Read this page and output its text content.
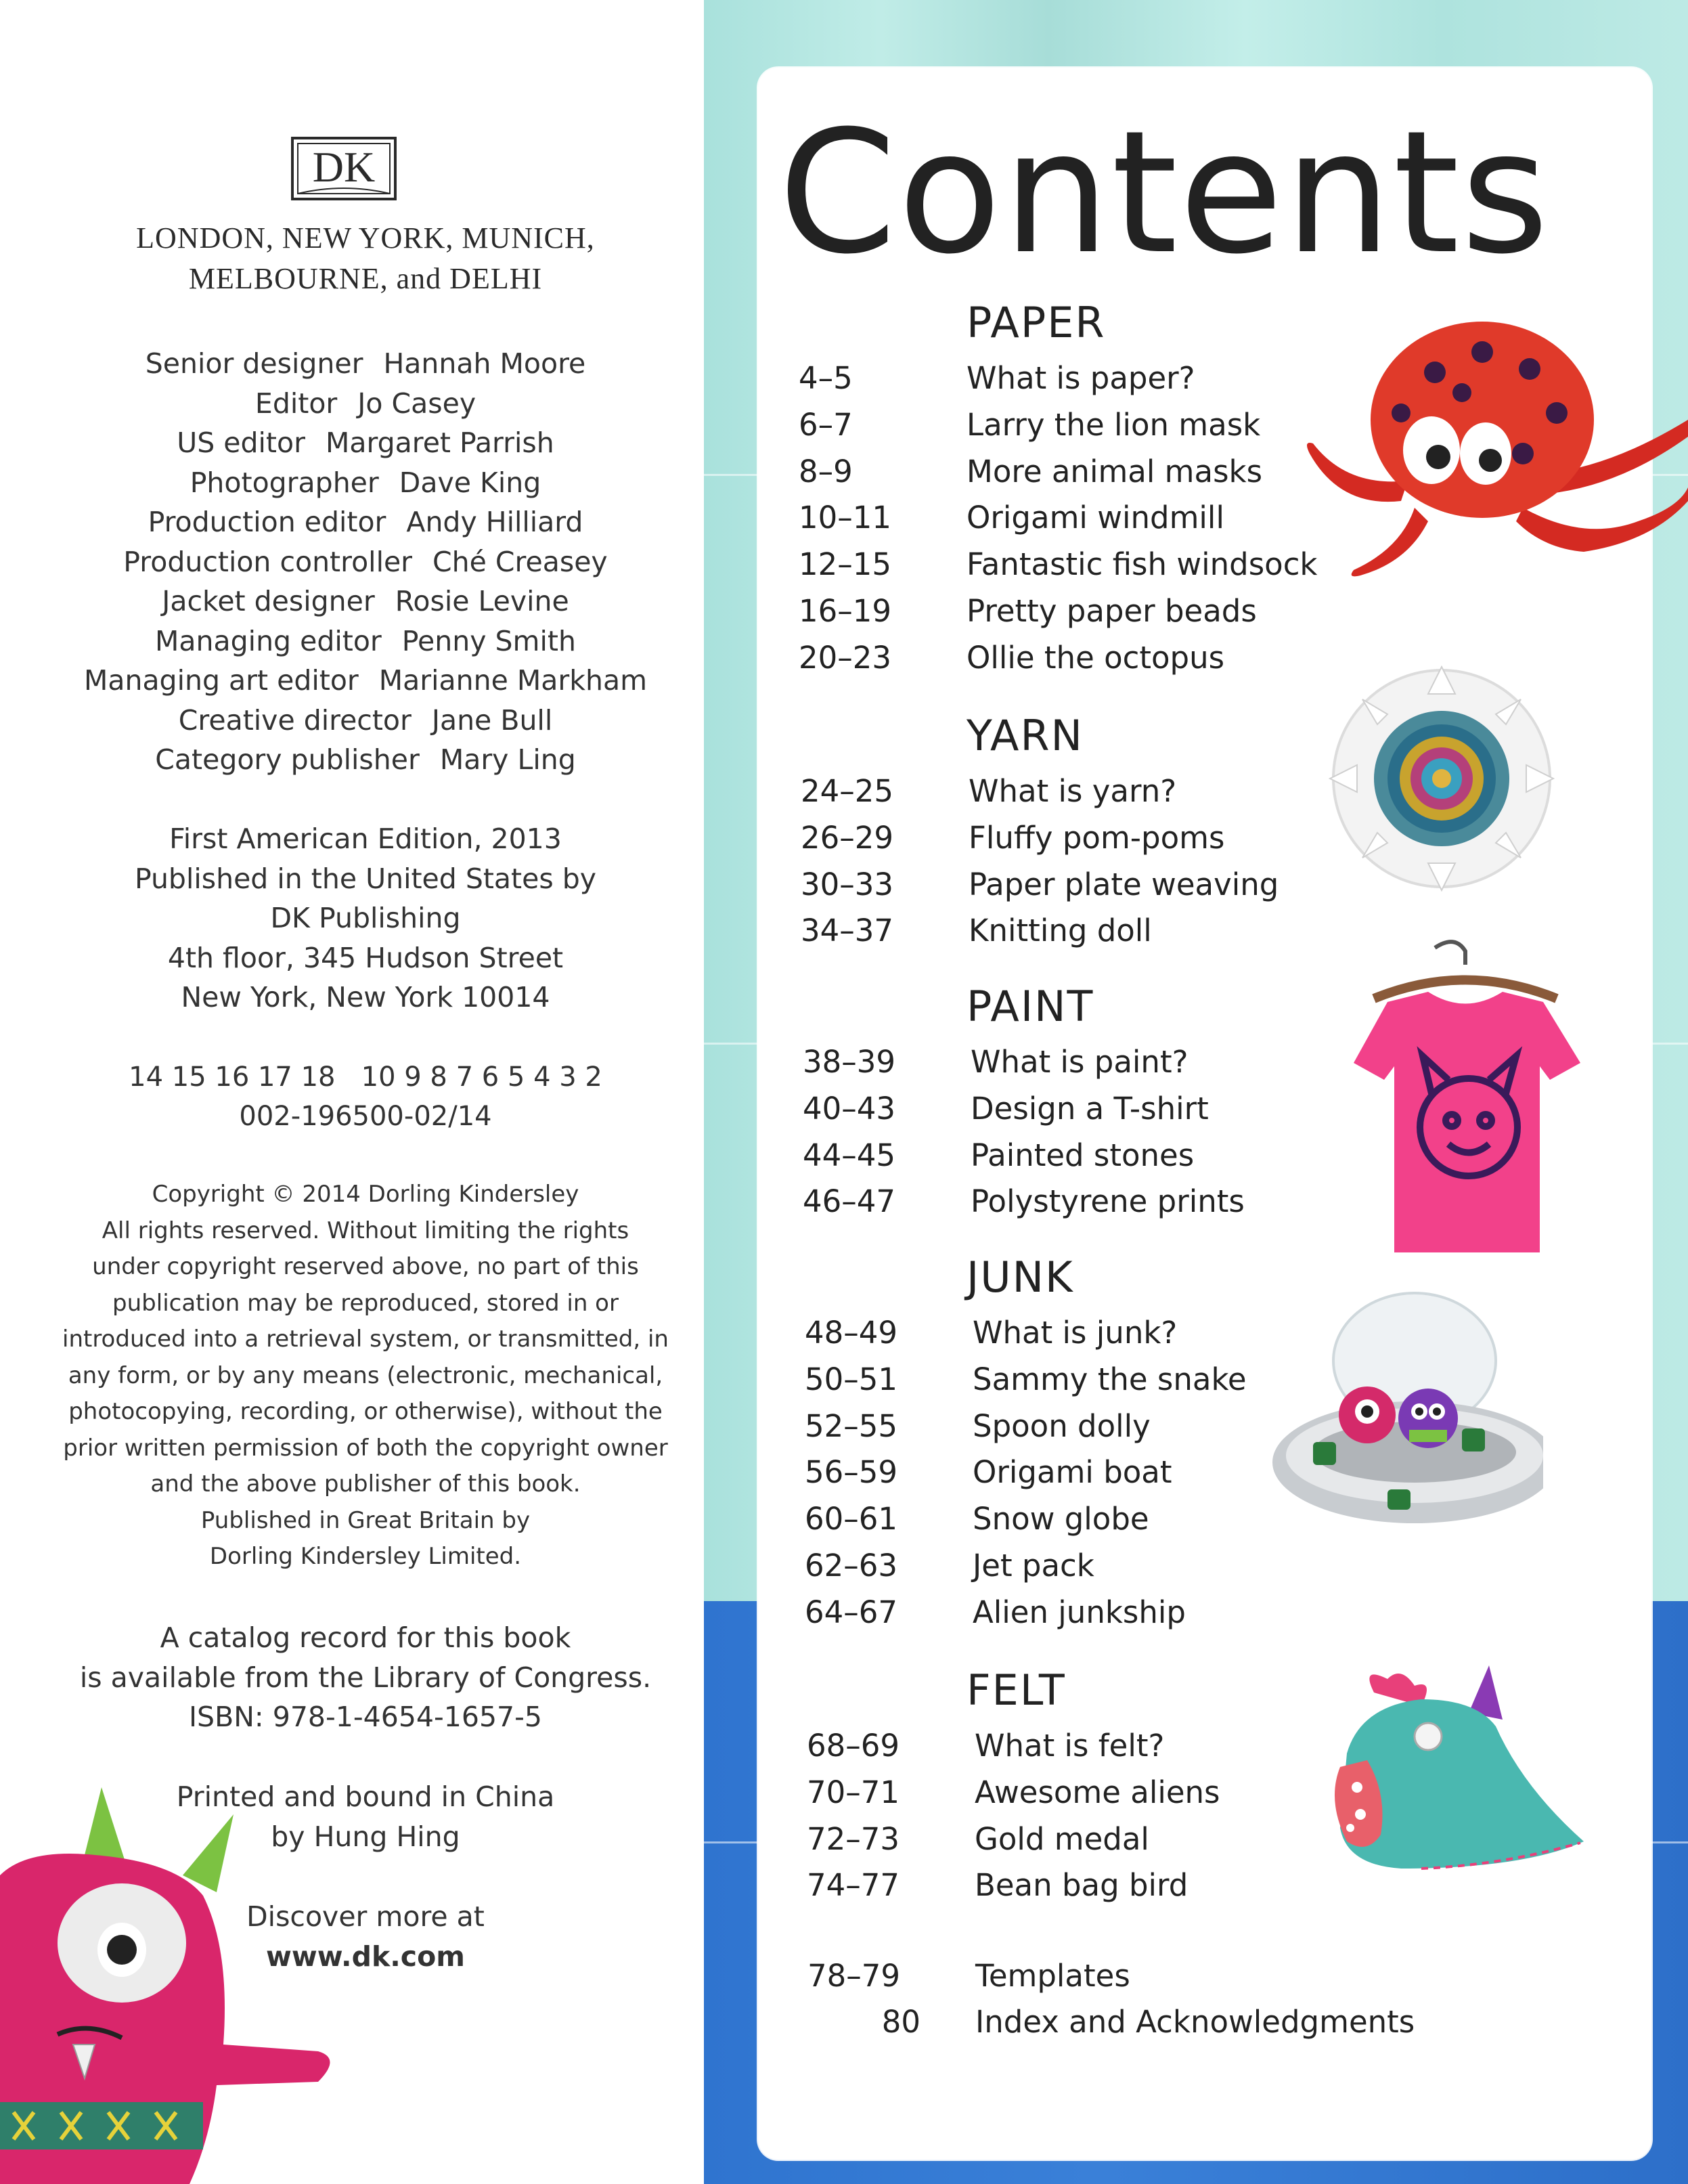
DK
LONDON, NEW YORK, MUNICH,
MELBOURNE, and DELHI
Senior designer Hannah Moore
Editor Jo Casey
US editor Margaret Parrish
Photographer Dave King
Production editor Andy Hilliard
Production controller Ché Creasey
Jacket designer Rosie Levine
Managing editor Penny Smith
Managing art editor Marianne Markham
Creative director Jane Bull
Category publisher Mary Ling
First American Edition, 2013
Published in the United States by
DK Publishing
4th floor, 345 Hudson Street
New York, New York 10014
14 15 16 17 18   10 9 8 7 6 5 4 3 2
002-196500-02/14
Copyright © 2014 Dorling Kindersley
All rights reserved. Without limiting the rights
under copyright reserved above, no part of this
publication may be reproduced, stored in or
introduced into a retrieval system, or transmitted, in
any form, or by any means (electronic, mechanical,
photocopying, recording, or otherwise), without the
prior written permission of both the copyright owner
and the above publisher of this book.
Published in Great Britain by
Dorling Kindersley Limited.
A catalog record for this book
is available from the Library of Congress.
ISBN: 978-1-4654-1657-5
Printed and bound in China
by Hung Hing
Discover more at
www.dk.com
Contents
PAPER
4–5	What is paper?
6–7	Larry the lion mask
8–9	More animal masks
10–11	Origami windmill
12–15	Fantastic fish windsock
16–19	Pretty paper beads
20–23	Ollie the octopus
YARN
24–25	What is yarn?
26–29	Fluffy pom-poms
30–33	Paper plate weaving
34–37	Knitting doll
PAINT
38–39	What is paint?
40–43	Design a T-shirt
44–45	Painted stones
46–47	Polystyrene prints
JUNK
48–49	What is junk?
50–51	Sammy the snake
52–55	Spoon dolly
56–59	Origami boat
60–61	Snow globe
62–63	Jet pack
64–67	Alien junkship
FELT
68–69	What is felt?
70–71	Awesome aliens
72–73	Gold medal
74–77	Bean bag bird
78–79	Templates
80 Index and Acknowledgments
